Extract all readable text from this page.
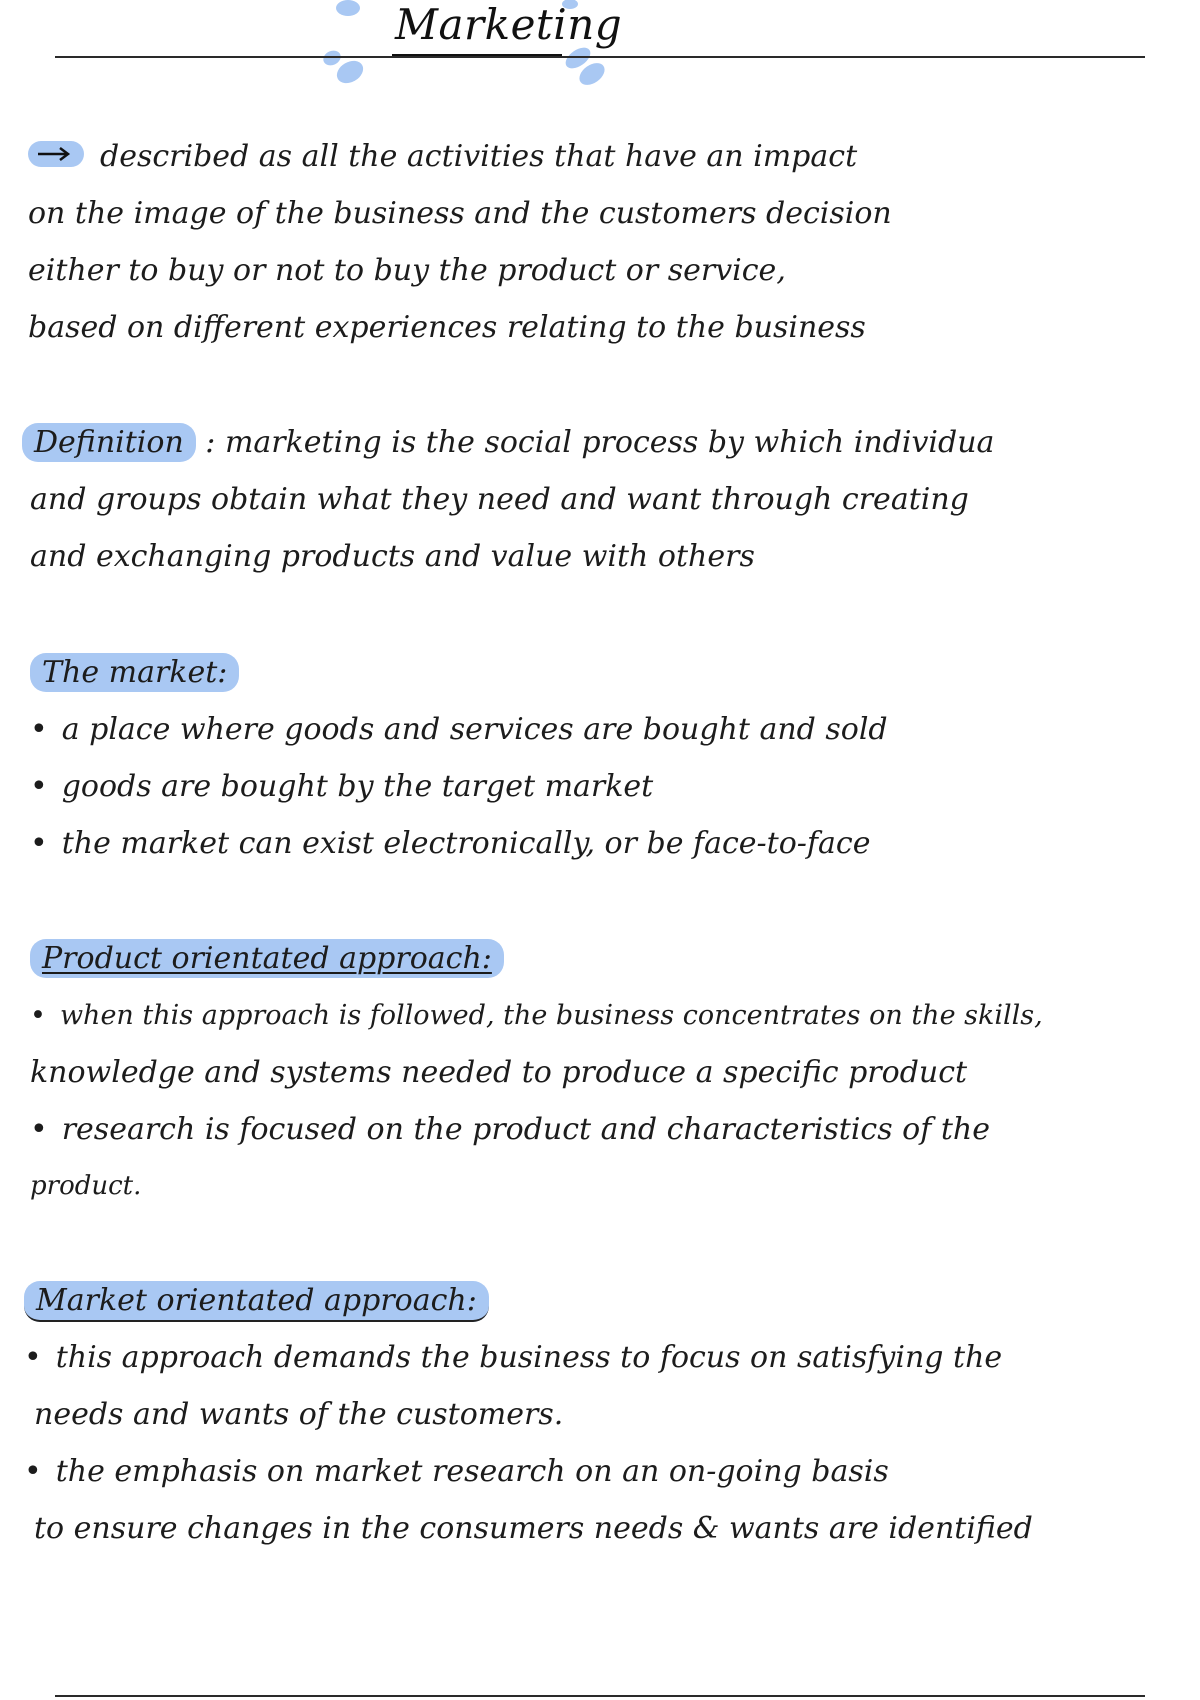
Marketing
described as all the activities that have an impact
on the image of the business and the customers decision
either to buy or not to buy the product or service,
based on different experiences relating to the business
Definition : marketing is the social process by which individua
and groups obtain what they need and want through creating
and exchanging products and value with others
The market:
• a place where goods and services are bought and sold
• goods are bought by the target market
• the market can exist electronically, or be face-to-face
Product orientated approach:
• when this approach is followed, the business concentrates on the skills,
knowledge and systems needed to produce a specific product
• research is focused on the product and characteristics of the
product.
Market orientated approach:
• this approach demands the business to focus on satisfying the
needs and wants of the customers.
• the emphasis on market research on an on-going basis
to ensure changes in the consumers needs & wants are identified
